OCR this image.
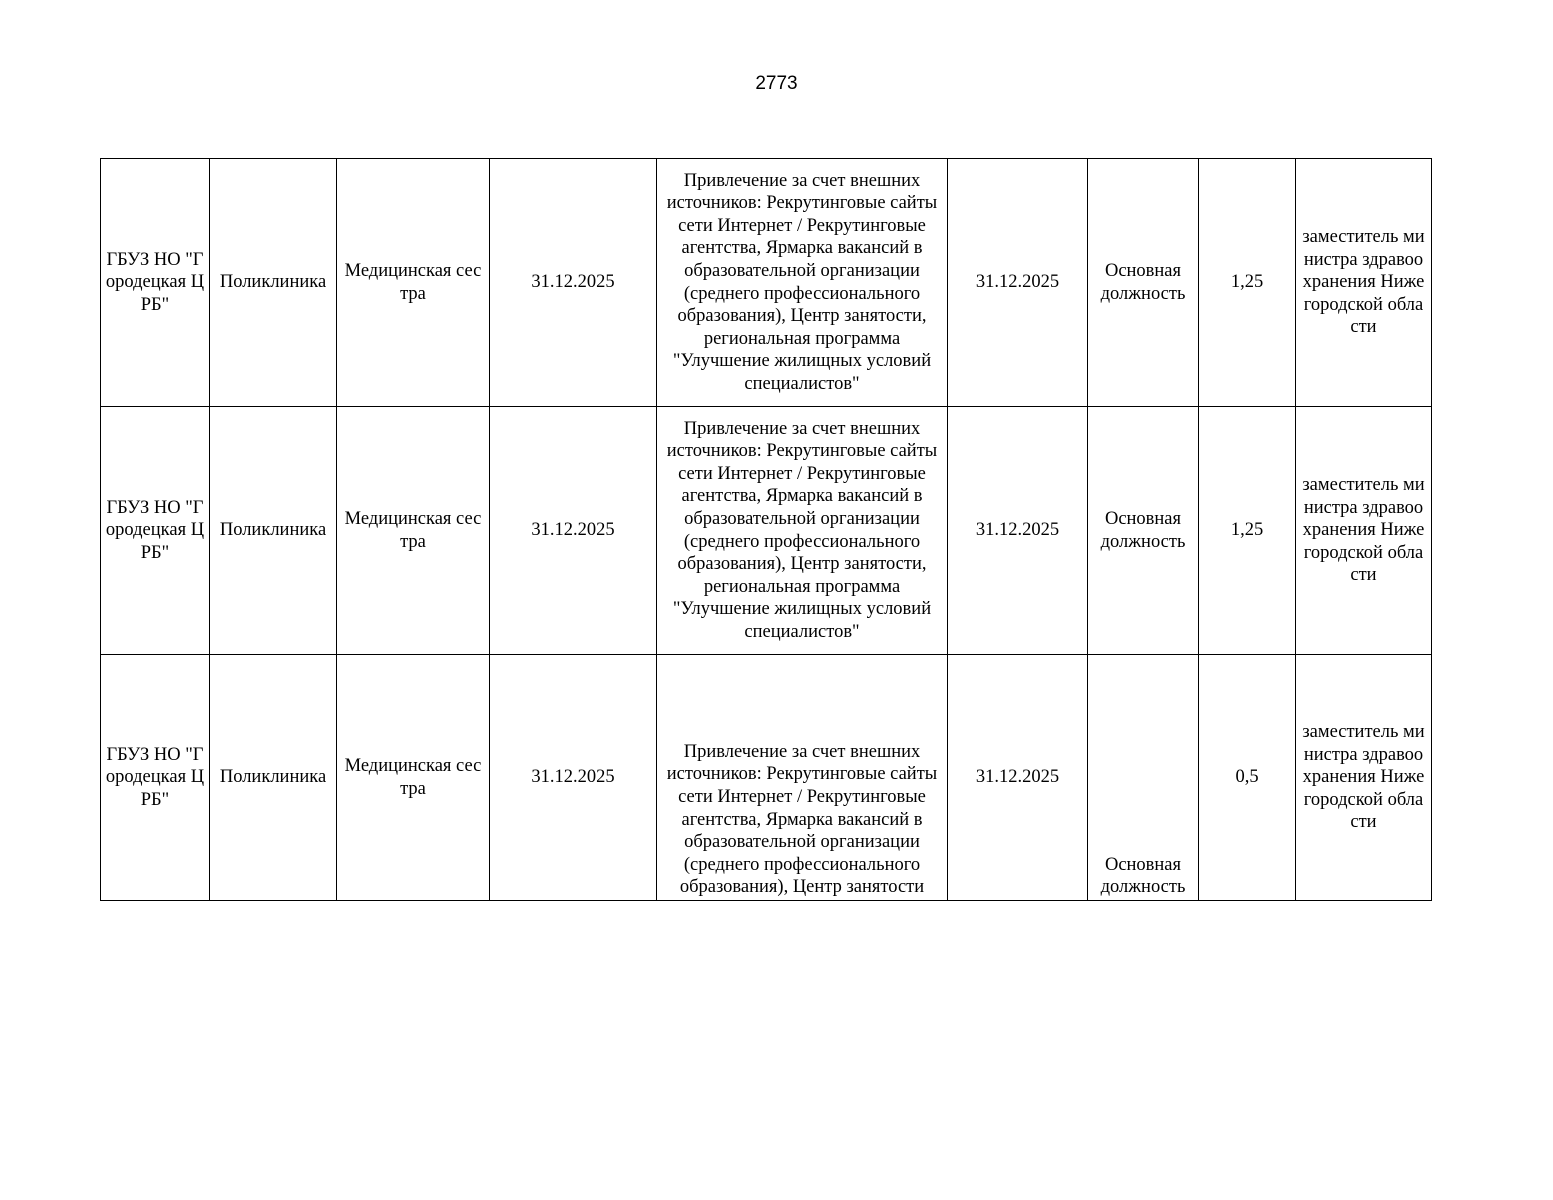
2773
ГБУЗ НО "Городецкая ЦРБ"	Поликлиника	Медицинская сестра	31.12.2025	Привлечение за счет внешних источников: Рекрутинговые сайты сети Интернет / Рекрутинговые агентства, Ярмарка вакансий в образовательной организации (среднего профессионального образования), Центр занятости, региональная программа "Улучшение жилищных условий специалистов"	31.12.2025	Основная должность	1,25	заместитель министра здравоохранения Нижегородской области
ГБУЗ НО "Городецкая ЦРБ"	Поликлиника	Медицинская сестра	31.12.2025	Привлечение за счет внешних источников: Рекрутинговые сайты сети Интернет / Рекрутинговые агентства, Ярмарка вакансий в образовательной организации (среднего профессионального образования), Центр занятости, региональная программа "Улучшение жилищных условий специалистов"	31.12.2025	Основная должность	1,25	заместитель министра здравоохранения Нижегородской области
ГБУЗ НО "Городецкая ЦРБ"	Поликлиника	Медицинская сестра	31.12.2025	Привлечение за счет внешних источников: Рекрутинговые сайты сети Интернет / Рекрутинговые агентства, Ярмарка вакансий в образовательной организации (среднего профессионального образования), Центр занятости	31.12.2025	Основная должность	0,5	заместитель министра здравоохранения Нижегородской области
